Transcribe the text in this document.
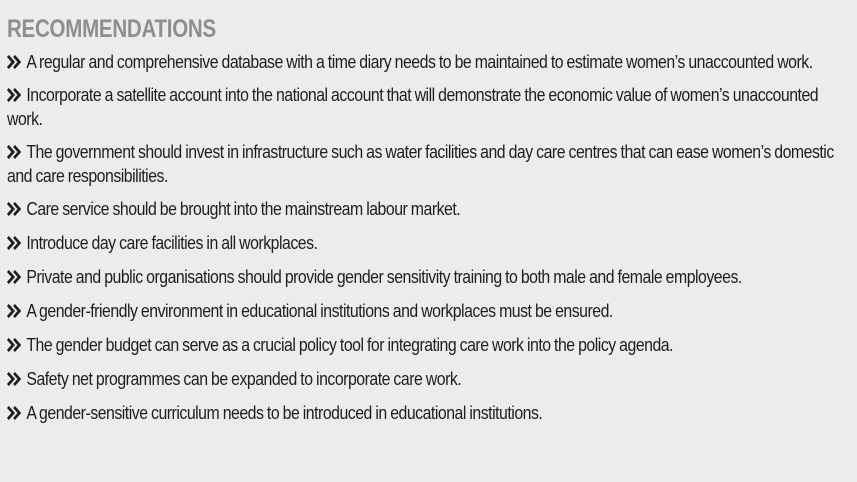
RECOMMENDATIONS
A regular and comprehensive database with a time diary needs to be maintained to estimate women’s unaccounted work.
Incorporate a satellite account into the national account that will demonstrate the economic value of women’s unaccounted work.
The government should invest in infrastructure such as water facilities and day care centres that can ease women’s domestic and care responsibilities.
Care service should be brought into the mainstream labour market.
Introduce day care facilities in all workplaces.
Private and public organisations should provide gender sensitivity training to both male and female employees.
A gender-friendly environment in educational institutions and workplaces must be ensured.
The gender budget can serve as a crucial policy tool for integrating care work into the policy agenda.
Safety net programmes can be expanded to incorporate care work.
A gender-sensitive curriculum needs to be introduced in educational institutions.
